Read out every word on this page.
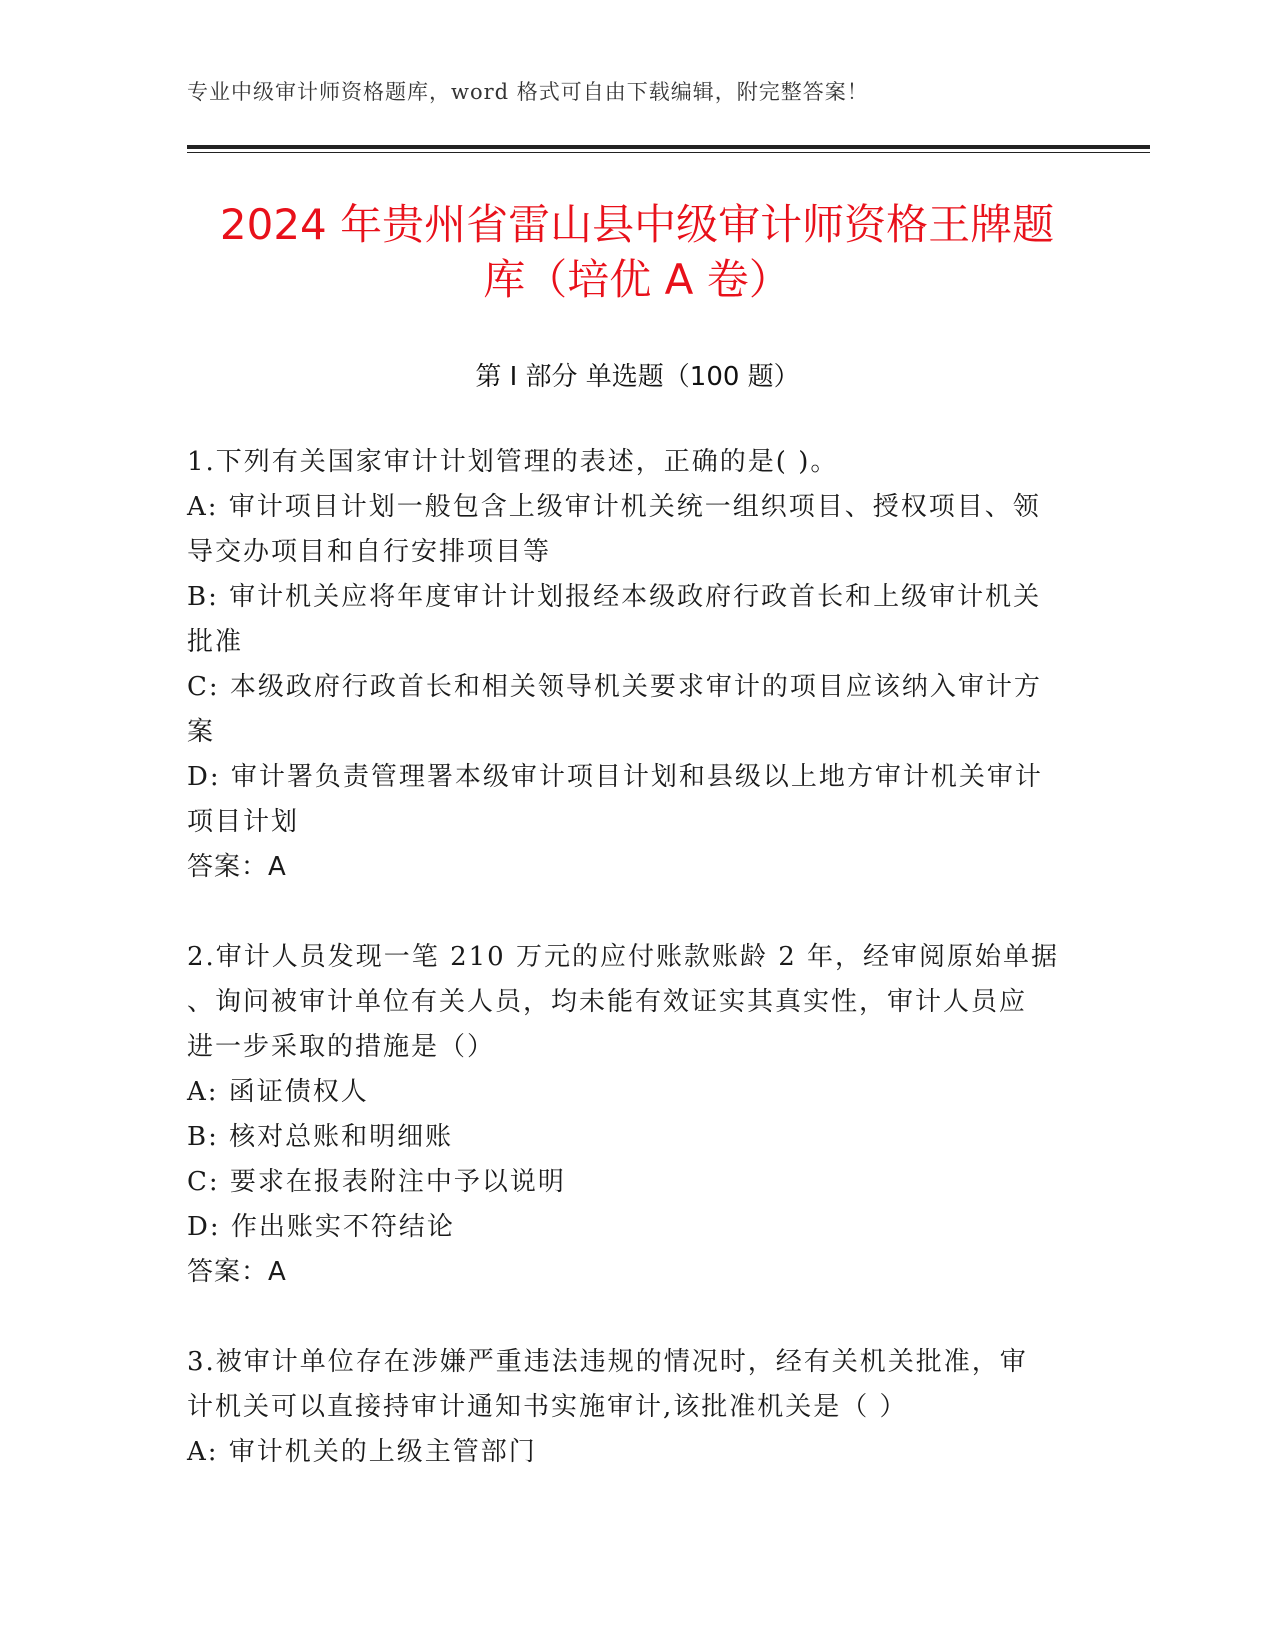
专业中级审计师资格题库，word 格式可自由下载编辑，附完整答案！
2024 年贵州省雷山县中级审计师资格王牌题
库（培优 A 卷）
第 I 部分 单选题（100 题）

1.下列有关国家审计计划管理的表述，正确的是( )。

A: 审计项目计划一般包含上级审计机关统一组织项目、授权项目、领

导交办项目和自行安排项目等

B: 审计机关应将年度审计计划报经本级政府行政首长和上级审计机关

批准

C: 本级政府行政首长和相关领导机关要求审计的项目应该纳入审计方

案

D: 审计署负责管理署本级审计项目计划和县级以上地方审计机关审计

项目计划

答案：A

2.审计人员发现一笔 210 万元的应付账款账龄 2 年，经审阅原始单据

、询问被审计单位有关人员，均未能有效证实其真实性，审计人员应

进一步采取的措施是（）

A: 函证债权人

B: 核对总账和明细账

C: 要求在报表附注中予以说明

D: 作出账实不符结论

答案：A

3.被审计单位存在涉嫌严重违法违规的情况时，经有关机关批准，审

计机关可以直接持审计通知书实施审计,该批准机关是（ ）

A: 审计机关的上级主管部门
